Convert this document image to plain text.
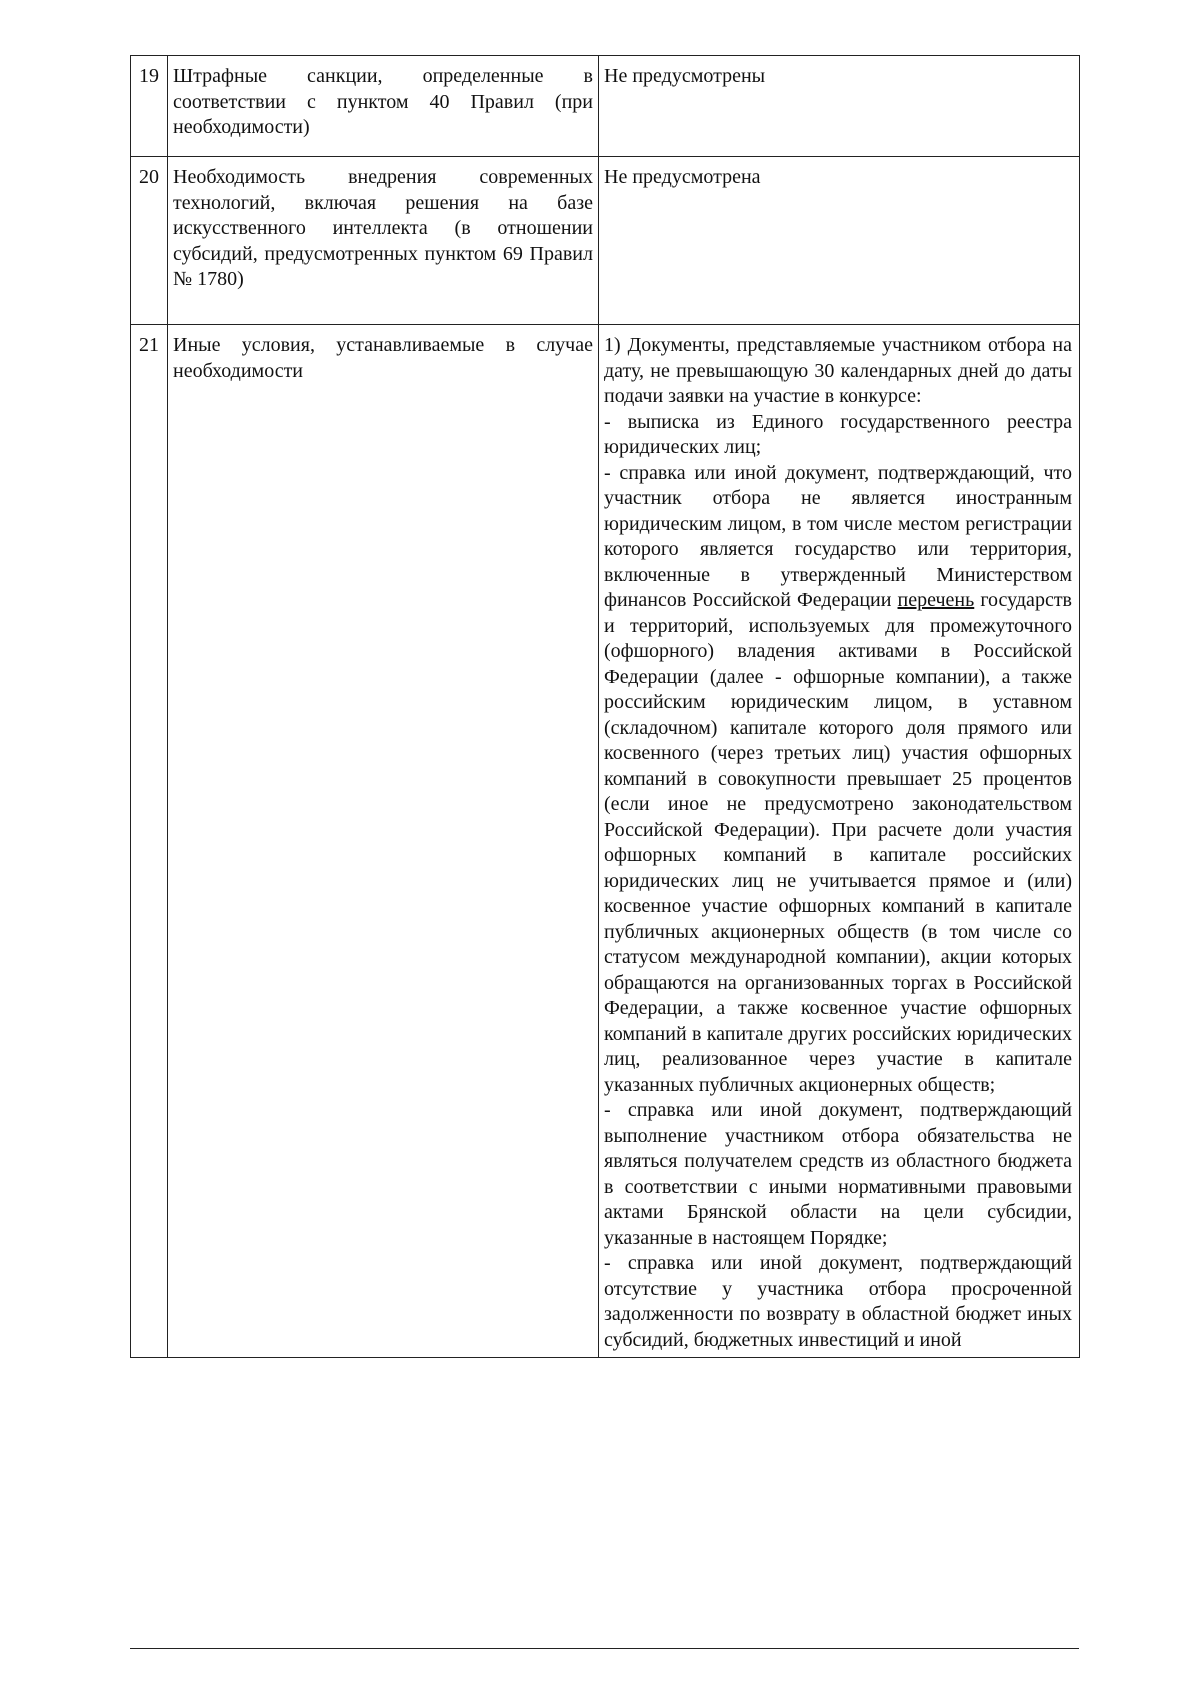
19	Штрафные санкции, определенные в соответствии с пунктом 40 Правил (при необходимости)	Не предусмотрены
20	Необходимость внедрения современных технологий, включая решения на базе искусственного интеллекта (в отношении субсидий, предусмотренных пунктом 69 Правил № 1780)	Не предусмотрена
21	Иные условия, устанавливаемые в случае необходимости	1) Документы, представляемые участником отбора на дату, не превышающую 30 календарных дней до даты подачи заявки на участие в конкурсе:

- выписка из Единого государственного реестра юридических лиц;

- справка или иной документ, подтверждающий, что участник отбора не является иностранным юридическим лицом, в том числе местом регистрации которого является государство или территория, включенные в утвержденный Министерством финансов Российской Федерации перечень государств и территорий, используемых для промежуточного (офшорного) владения активами в Российской Федерации (далее - офшорные компании), а также российским юридическим лицом, в уставном (складочном) капитале которого доля прямого или косвенного (через третьих лиц) участия офшорных компаний в совокупности превышает 25 процентов (если иное не предусмотрено законодательством Российской Федерации). При расчете доли участия офшорных компаний в капитале российских юридических лиц не учитывается прямое и (или) косвенное участие офшорных компаний в капитале публичных акционерных обществ (в том числе со статусом международной компании), акции которых обращаются на организованных торгах в Российской Федерации, а также косвенное участие офшорных компаний в капитале других российских юридических лиц, реализованное через участие в капитале указанных публичных акционерных обществ;

- справка или иной документ, подтверждающий выполнение участником отбора обязательства не являться получателем средств из областного бюджета в соответствии с иными нормативными правовыми актами Брянской области на цели субсидии, указанные в настоящем Порядке;

- справка или иной документ, подтверждающий отсутствие у участника отбора просроченной задолженности по возврату в областной бюджет иных субсидий, бюджетных инвестиций и иной
